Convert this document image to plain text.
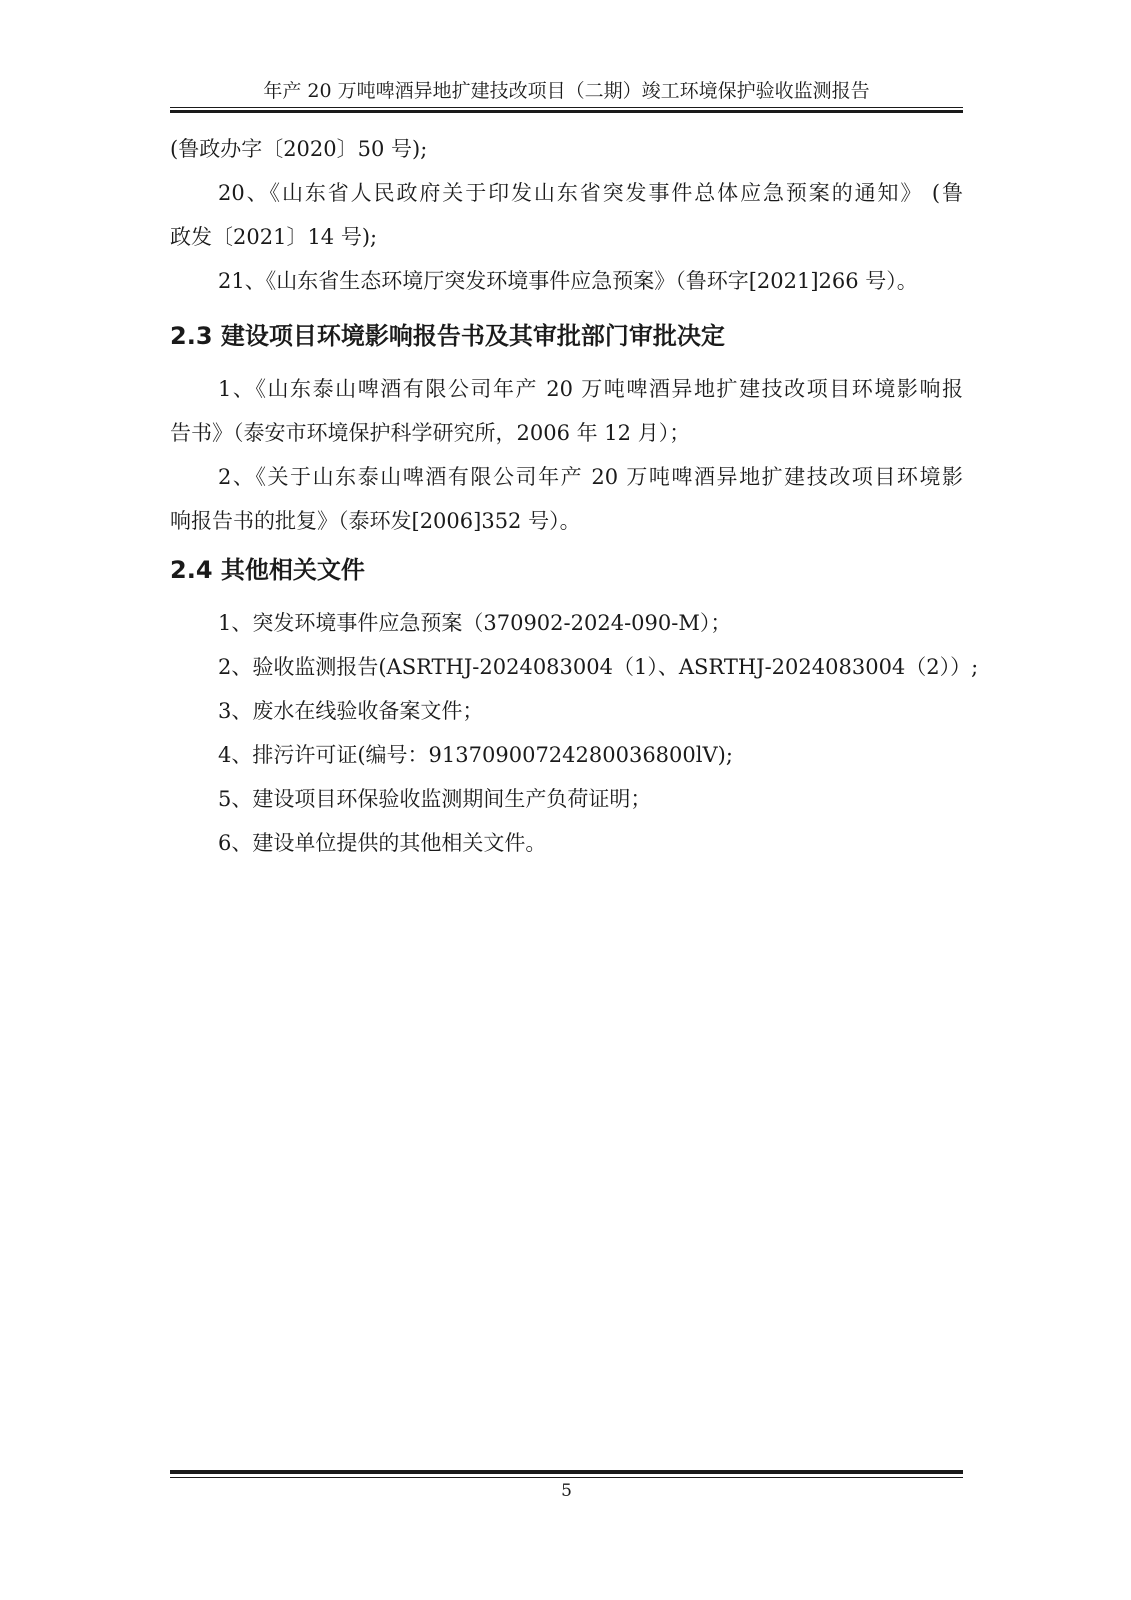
年产 20 万吨啤酒异地扩建技改项目（二期）竣工环境保护验收监测报告
(鲁政办字〔2020〕50 号);
20、《山东省人民政府关于印发山东省突发事件总体应急预案的通知》 (鲁
政发〔2021〕14 号);
21、《山东省生态环境厅突发环境事件应急预案》（鲁环字[2021]266 号）。
2.3 建设项目环境影响报告书及其审批部门审批决定
1、《山东泰山啤酒有限公司年产 20 万吨啤酒异地扩建技改项目环境影响报
告书》（泰安市环境保护科学研究所，2006 年 12 月）；
2、《关于山东泰山啤酒有限公司年产 20 万吨啤酒异地扩建技改项目环境影
响报告书的批复》（泰环发[2006]352 号）。
2.4 其他相关文件
1、突发环境事件应急预案（370902-2024-090-M）；
2、验收监测报告(ASRTHJ-2024083004（1）、ASRTHJ-2024083004（2））;
3、废水在线验收备案文件；
4、排污许可证(编号：91370900724280036800lV);
5、建设项目环保验收监测期间生产负荷证明；
6、建设单位提供的其他相关文件。
5
